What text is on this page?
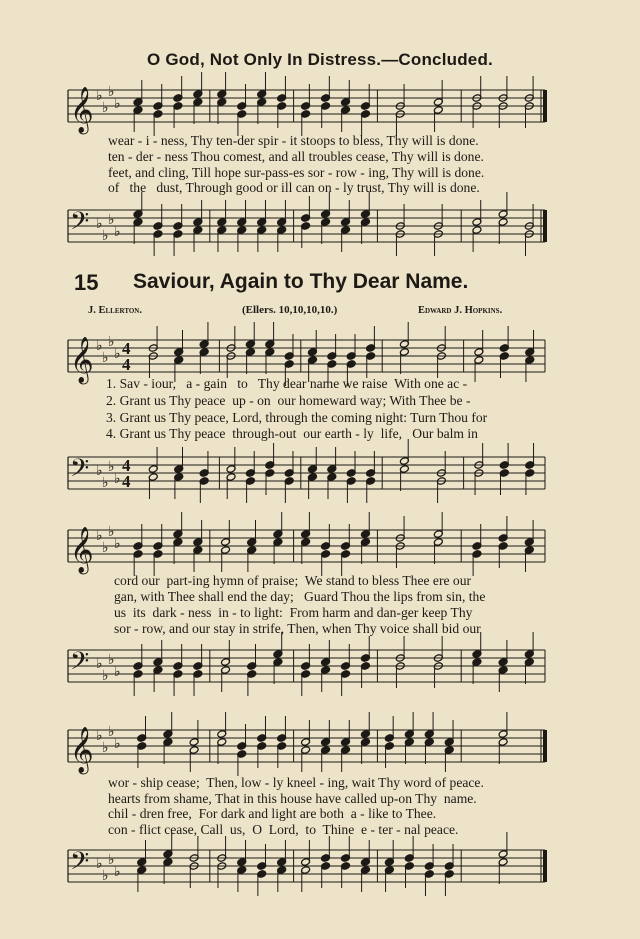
O God, Not Only In Distress.—Concluded.
wear - i - ness, Thy ten-der spir - it stoops to bless, Thy will is done.
ten - der - ness Thou comest, and all troubles cease, Thy will is done.
feet, and cling, Till hope sur-pass-es sor - row - ing, Thy will is done.
of   the   dust, Through good or ill can on - ly trust, Thy will is done.
15 Saviour, Again to Thy Dear Name.
J. Ellerton.	(Ellers. 10,10,10,10.)	Edward J. Hopkins.
1. Sav - iour,   a - gain   to   Thy dear name we raise  With one ac -
2. Grant us Thy peace  up - on  our homeward way; With Thee be -
3. Grant us Thy peace, Lord, through the coming night: Turn Thou for
4. Grant us Thy peace  through-out  our earth - ly  life,   Our balm in
cord our  part-ing hymn of praise;  We stand to bless Thee ere our
gan, with Thee shall end the day;   Guard Thou the lips from sin, the
us  its  dark - ness  in - to light:  From harm and dan-ger keep Thy
sor - row, and our stay in strife, Then, when Thy voice shall bid our
wor - ship cease;  Then, low - ly kneel - ing, wait Thy word of peace.
hearts from shame, That in this house have called up-on Thy  name.
chil - dren free,  For dark and light are both  a - like to Thee.
con - flict cease, Call  us,  O  Lord,  to  Thine  e - ter - nal peace.
𝄞 ♭
♭
♭
♭
𝄢 ♭
♭
♭
♭
𝄞 ♭
♭
♭
♭ 4
4
𝄢 ♭
♭
♭
♭
4
4
𝄞 ♭
♭
♭
♭
𝄢 ♭
♭
♭
♭
𝄞 ♭
♭
♭
♭
𝄢 ♭
♭
♭
♭
